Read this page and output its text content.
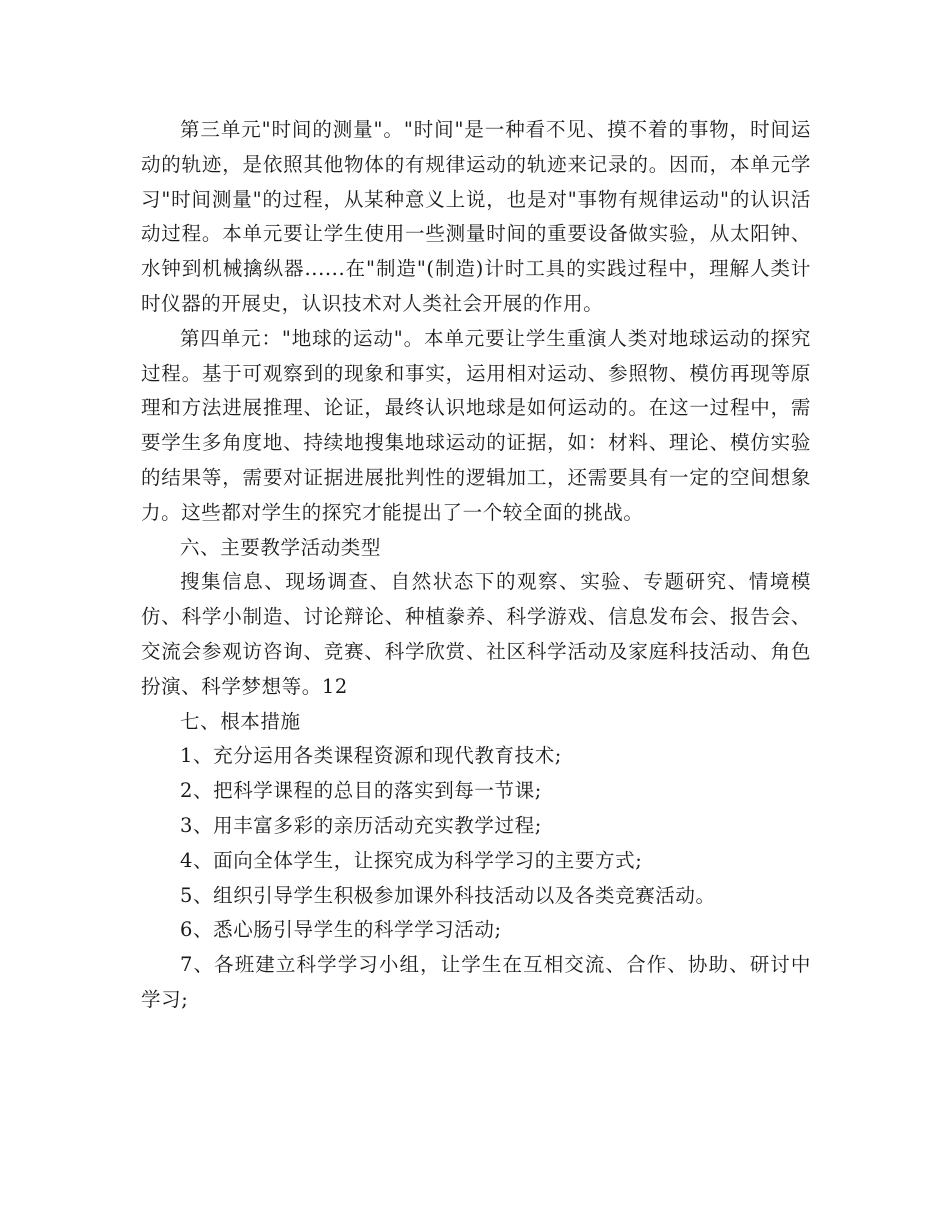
第三单元"时间的测量"。"时间"是一种看不见、摸不着的事物，时间运动的轨迹，是依照其他物体的有规律运动的轨迹来记录的。因而，本单元学习"时间测量"的过程，从某种意义上说，也是对"事物有规律运动"的认识活动过程。本单元要让学生使用一些测量时间的重要设备做实验，从太阳钟、水钟到机械擒纵器......在"制造"(制造)计时工具的实践过程中，理解人类计时仪器的开展史，认识技术对人类社会开展的作用。

第四单元："地球的运动"。本单元要让学生重演人类对地球运动的探究过程。基于可观察到的现象和事实，运用相对运动、参照物、模仿再现等原理和方法进展推理、论证，最终认识地球是如何运动的。在这一过程中，需要学生多角度地、持续地搜集地球运动的证据，如：材料、理论、模仿实验的结果等，需要对证据进展批判性的逻辑加工，还需要具有一定的空间想象力。这些都对学生的探究才能提出了一个较全面的挑战。

六、主要教学活动类型

搜集信息、现场调查、自然状态下的观察、实验、专题研究、情境模仿、科学小制造、讨论辩论、种植豢养、科学游戏、信息发布会、报告会、交流会参观访咨询、竞赛、科学欣赏、社区科学活动及家庭科技活动、角色扮演、科学梦想等。12

七、根本措施

1、充分运用各类课程资源和现代教育技术;

2、把科学课程的总目的落实到每一节课;

3、用丰富多彩的亲历活动充实教学过程;

4、面向全体学生，让探究成为科学学习的主要方式;

5、组织引导学生积极参加课外科技活动以及各类竞赛活动。

6、悉心肠引导学生的科学学习活动;

7、各班建立科学学习小组，让学生在互相交流、合作、协助、研讨中学习;
